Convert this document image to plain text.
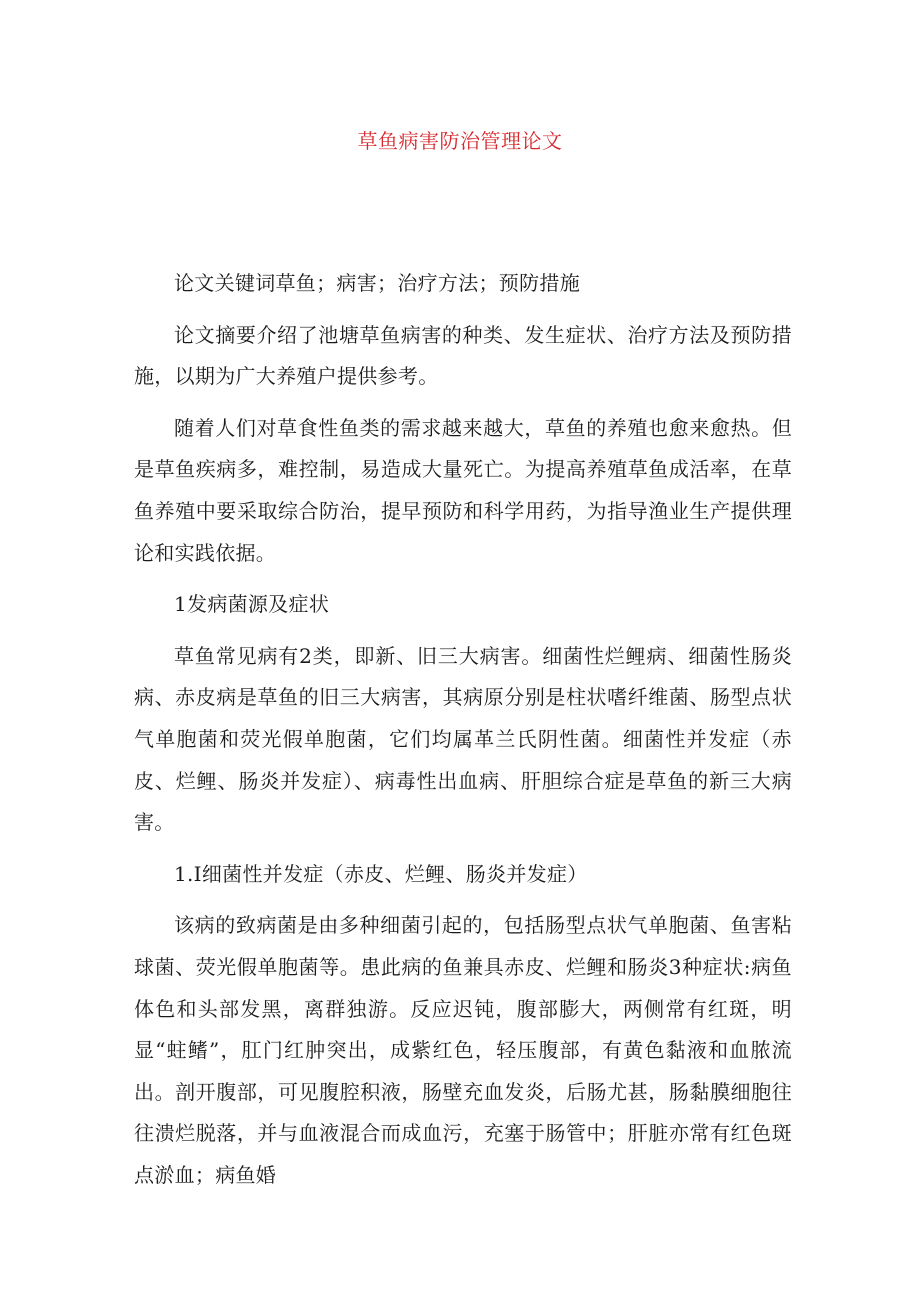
草鱼病害防治管理论文

论文关键词草鱼；病害；治疗方法；预防措施

论文摘要介绍了池塘草鱼病害的种类、发生症状、治疗方法及预防措施，以期为广大养殖户提供参考。

随着人们对草食性鱼类的需求越来越大，草鱼的养殖也愈来愈热。但是草鱼疾病多，难控制，易造成大量死亡。为提高养殖草鱼成活率，在草鱼养殖中要采取综合防治，提早预防和科学用药，为指导渔业生产提供理论和实践依据。

1发病菌源及症状

草鱼常见病有2类，即新、旧三大病害。细菌性烂鲤病、细菌性肠炎病、赤皮病是草鱼的旧三大病害，其病原分别是柱状嗜纤维菌、肠型点状气单胞菌和荧光假单胞菌，它们均属革兰氏阴性菌。细菌性并发症（赤皮、烂鲤、肠炎并发症）、病毒性出血病、肝胆综合症是草鱼的新三大病害。

1.I细菌性并发症（赤皮、烂鲤、肠炎并发症）

该病的致病菌是由多种细菌引起的，包括肠型点状气单胞菌、鱼害粘球菌、荧光假单胞菌等。患此病的鱼兼具赤皮、烂鲤和肠炎3种症状:病鱼体色和头部发黑，离群独游。反应迟钝，腹部膨大，两侧常有红斑，明显“蛀鳍”，肛门红肿突出，成紫红色，轻压腹部，有黄色黏液和血脓流出。剖开腹部，可见腹腔积液，肠壁充血发炎，后肠尤甚，肠黏膜细胞往往溃烂脱落，并与血液混合而成血污，充塞于肠管中；肝脏亦常有红色斑点淤血；病鱼婚
